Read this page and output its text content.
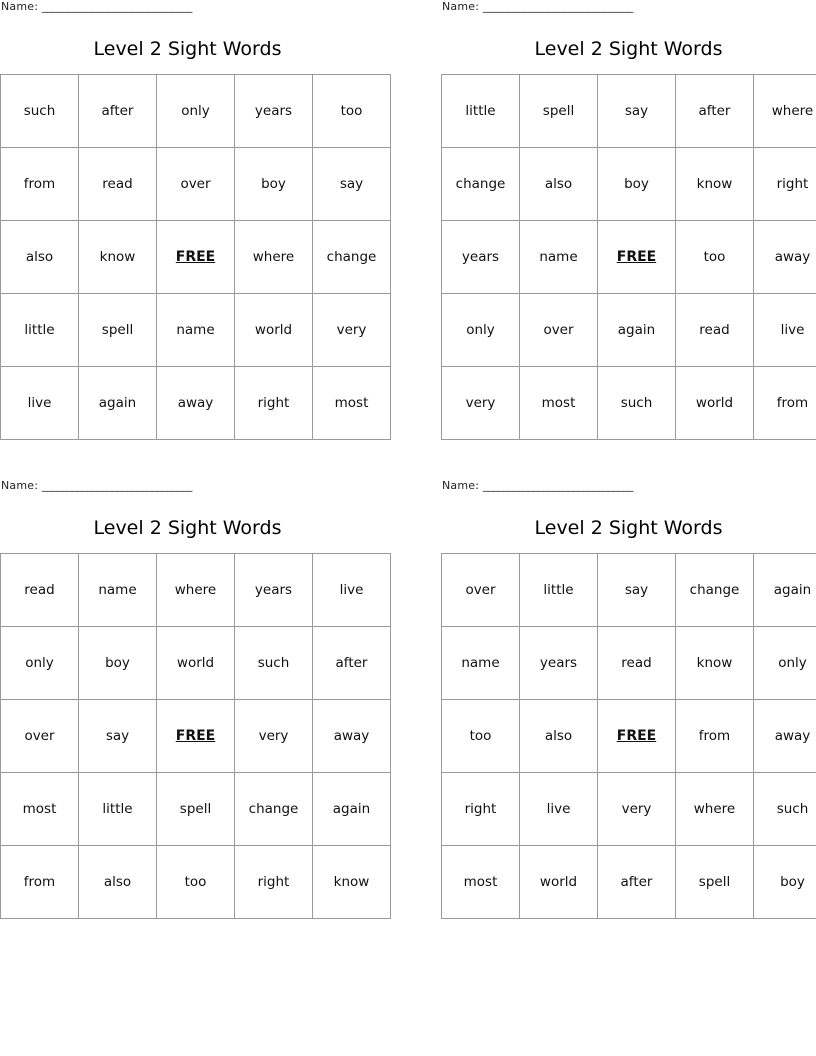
Name: ______________________________
Level 2 Sight Words
such	after	only	years	too
from	read	over	boy	say
also	know	FREE	where	change
little	spell	name	world	very
live	again	away	right	most
Name: ______________________________
Level 2 Sight Words
little	spell	say	after	where
change	also	boy	know	right
years	name	FREE	too	away
only	over	again	read	live
very	most	such	world	from
Name: ______________________________
Level 2 Sight Words
read	name	where	years	live
only	boy	world	such	after
over	say	FREE	very	away
most	little	spell	change	again
from	also	too	right	know
Name: ______________________________
Level 2 Sight Words
over	little	say	change	again
name	years	read	know	only
too	also	FREE	from	away
right	live	very	where	such
most	world	after	spell	boy
